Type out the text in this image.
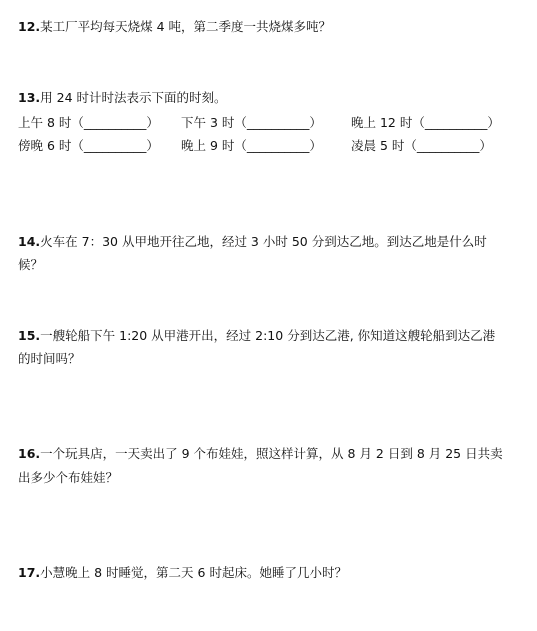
12.某工厂平均每天烧煤 4 吨，第二季度一共烧煤多吨？
13.用 24 时计时法表示下面的时刻。
上午 8 时（__________） 下午 3 时（__________） 晚上 12 时（__________）
傍晚 6 时（__________） 晚上 9 时（__________） 凌晨 5 时（__________）
14.火车在 7：30 从甲地开往乙地，经过 3 小时 50 分到达乙地。到达乙地是什么时
候？
15.一艘轮船下午 1:20 从甲港开出，经过 2:10 分到达乙港, 你知道这艘轮船到达乙港
的时间吗？
16.一个玩具店，一天卖出了 9 个布娃娃，照这样计算，从 8 月 2 日到 8 月 25 日共卖
出多少个布娃娃？
17.小慧晚上 8 时睡觉，第二天 6 时起床。她睡了几小时？
